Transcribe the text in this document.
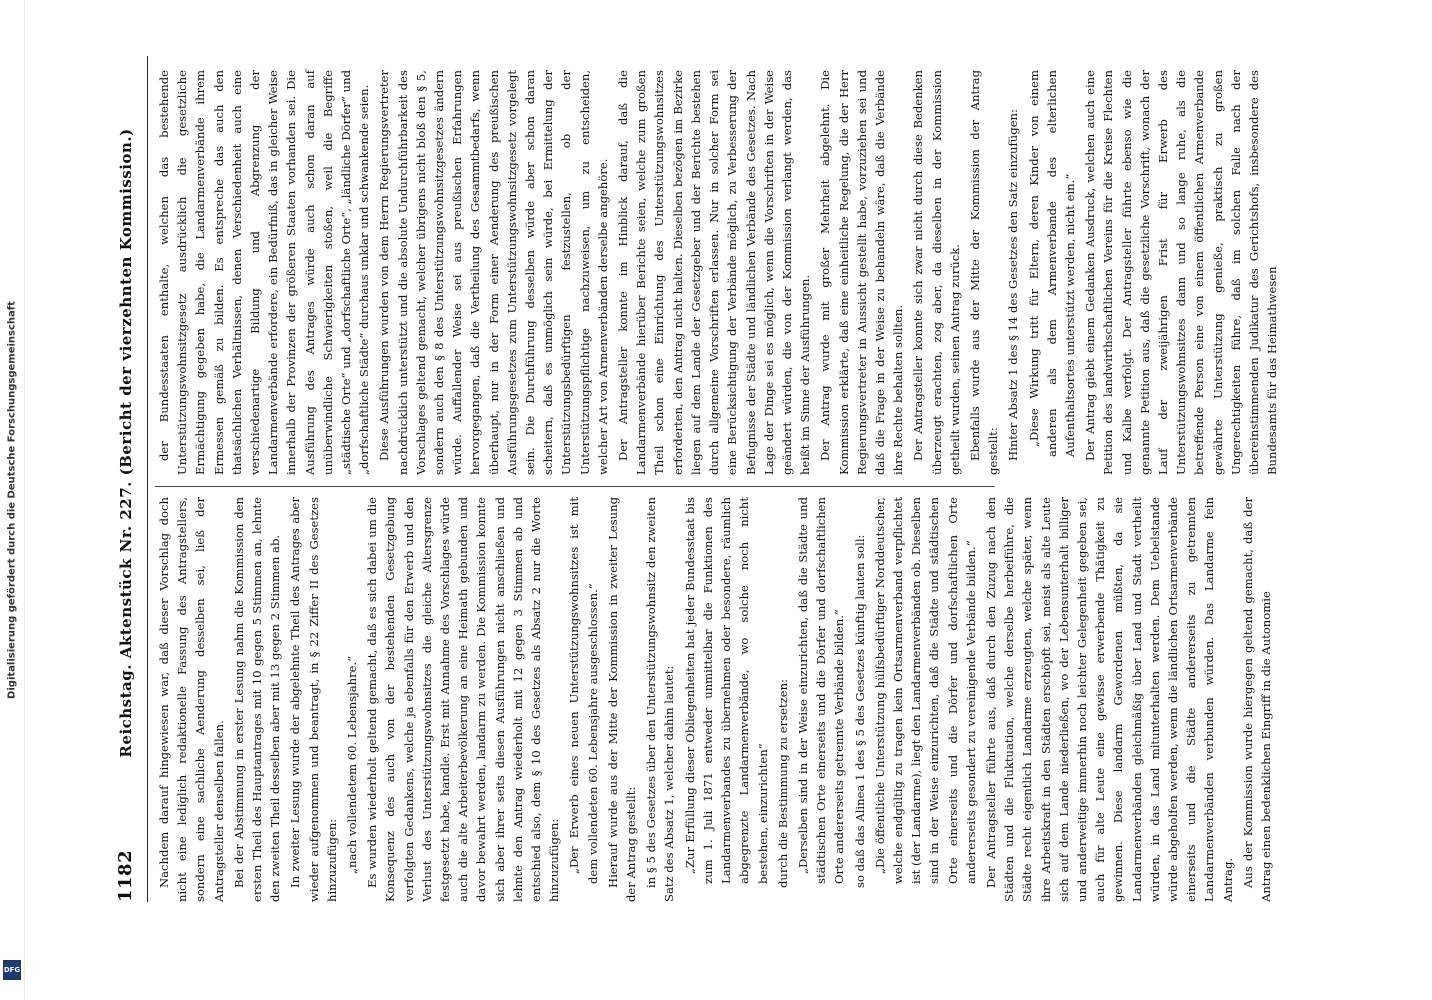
Digitalisierung gefördert durch die Deutsche Forschungsgemeinschaft
DFG
1182
Reichstag. Aktenstück Nr. 227. (Bericht der vierzehnten Kommission.) Nachdem darauf hingewiesen war, daß dieser Vorschlag doch nicht eine lediglich redaktionelle Fassung des Antragstellers, sondern eine sachliche Aenderung desselben sei, ließ der Antragsteller denselben fallen. Bei der Abstimmung in erster Lesung nahm die Kommission den ersten Theil des Hauptantrages mit 10 gegen 5 Stimmen an, lehnte den zweiten Theil desselben aber mit 13 gegen 2 Stimmen ab. In zweiter Lesung wurde der abgelehnte Theil des Antrages aber wieder aufgenommen und beantragt, in § 22 Ziffer II des Gesetzes hinzuzufügen: „nach vollendetem 60. Lebensjahre.“ Es wurden wiederholt geltend gemacht, daß es sich dabei um die Konsequenz des auch von der bestehenden Gesetzgebung verfolgten Gedankens, welche ja ebenfalls für den Erwerb und den Verlust des Unterstützungswohnsitzes die gleiche Altersgrenze festgesetzt habe, handle. Erst mit Annahme des Vorschlages würde auch die alte Arbeiterbevölkerung an eine Heimath gebunden und davor bewahrt werden, landarm zu werden. Die Kommission konnte sich aber ihrer seits diesen Ausführungen nicht anschließen und lehnte den Antrag wiederholt mit 12 gegen 3 Stimmen ab und entschied also, dem § 10 des Gesetzes als Absatz 2 nur die Worte hinzuzufügen: „Der Erwerb eines neuen Unterstützungswohnsitzes ist mit dem vollendeten 60. Lebensjahre ausgeschlossen.“ Hierauf wurde aus der Mitte der Kommission in zweiter Lesung der Antrag gestellt: in § 5 des Gesetzes über den Unterstützungswohnsitz den zweiten Satz des Absatz 1, welcher dahin lautet: „Zur Erfüllung dieser Obliegenheiten hat jeder Bundesstaat bis zum 1. Juli 1871 entweder unmittelbar die Funktionen des Landarmenverbandes zu übernehmen oder besondere, räumlich abgegrenzte Landarmenverbände, wo solche noch nicht bestehen, einzurichten“ durch die Bestimmung zu ersetzen: „Derselben sind in der Weise einzurichten, daß die Städte und städtischen Orte einerseits und die Dörfer und dorfschaftlichen Orte andererseits getrennte Verbände bilden.“ so daß das Alinea 1 des § 5 des Gesetzes künftig lauten soll: „Die öffentliche Unterstützung hülfsbedürftiger Norddeutscher, welche endgültig zu tragen kein Ortsarmenverband verpflichtet ist (der Landarme), liegt den Landarmenverbänden ob. Dieselben sind in der Weise einzurichten, daß die Städte und städtischen Orte einerseits und die Dörfer und dorfschaftlichen Orte andererseits gesondert zu vereinigende Verbände bilden.“ Der Antragsteller führte aus, daß durch den Zuzug nach den Städten und die Fluktuation, welche derselbe herbeiführe, die Städte recht eigentlich Landarme erzeugten, welche später, wenn ihre Arbeitskraft in den Städten erschöpft sei, meist als alte Leute sich auf dem Lande niederließen, wo der Lebensunterhalt billiger und anderweitige immerhin noch leichter Gelegenheit gegeben sei, auch für alte Leute eine gewisse erwerbende Thätigkeit zu gewinnen. Diese landarm Gewordenen müßten, da sie Landarmenverbänden gleichmäßig über Land und Stadt vertheilt würden, in das Land mitunterhalten werden. Dem Uebelstande würde abgeholfen werden, wenn die ländlichen Ortsarmenverbände einerseits und die Städte andererseits zu getrennten Landarmenverbänden verbunden würden. Das Landarme fein Antrag. Aus der Kommission wurde hiergegen geltend gemacht, daß der Antrag einen bedenklichen Eingriff in die Autonomie

der Bundesstaaten enthalte, welchen das bestehende Unterstützungswohnsitzgesetz ausdrücklich die gesetzliche Ermächtigung gegeben habe, die Landarmenverbände ihrem Ermessen gemäß zu bilden. Es entspreche das auch den thatsächlichen Verhältnissen, denen Verschiedenheit auch eine verschiedenartige Bildung und Abgrenzung der Landarmenverbände erfordere, ein Bedürfniß, das in gleicher Weise innerhalb der Provinzen der größeren Staaten vorhanden sei. Die Ausführung des Antrages würde auch schon daran auf unüberwindliche Schwierigkeiten stoßen, weil die Begriffe „städtische Orte“ und „dorfschaftliche Orte“, „ländliche Dörfer“ und „dorfschaftliche Städte“ durchaus unklar und schwankende seien. Diese Ausführungen wurden von dem Herrn Regierungsvertreter nachdrücklich unterstützt und die absolute Undurchführbarkeit des Vorschlages geltend gemacht, welcher übrigens nicht bloß den § 5, sondern auch den § 8 des Unterstützungswohnsitzgesetzes ändern würde. Auffallender Weise sei aus preußischen Erfahrungen hervorgegangen, daß die Vertheilung des Gesammtbedarfs, wenn überhaupt, nur in der Form einer Aenderung des preußischen Ausführungsgesetzes zum Unterstützungswohnsitzgesetz vorgelegt sein. Die Durchführung desselben würde aber schon daran scheitern, daß es unmöglich sein würde, bei Ermittelung der Unterstützungsbedürftigen festzustellen, ob der Unterstützungspflichtige nachzuweisen, um zu entscheiden, welcher Art von Armenverbänden derselbe angehöre. Der Antragsteller konnte im Hinblick darauf, daß die Landarmenverbände hierüber Berichte seien, welche zum großen Theil schon eine Einrichtung des Unterstützungswohnsitzes erforderten, den Antrag nicht halten. Dieselben bezögen im Bezirke liegen auf dem Lande der Gesetzgeber und der Berichte bestehen durch allgemeine Vorschriften erlassen. Nur in solcher Form sei eine Berücksichtigung der Verbände möglich, zu Verbesserung der Befugnisse der Städte und ländlichen Verbände des Gesetzes. Nach Lage der Dinge sei es möglich, wenn die Vorschriften in der Weise geändert würden, die von der Kommission verlangt werden, das heißt im Sinne der Ausführungen. Der Antrag wurde mit großer Mehrheit abgelehnt. Die Kommission erklärte, daß eine einheitliche Regelung, die der Herr Regierungsvertreter in Aussicht gestellt habe, vorzuziehen sei und daß die Frage in der Weise zu behandeln wäre, daß die Verbände ihre Rechte behalten sollten. Der Antragsteller konnte sich zwar nicht durch diese Bedenken überzeugt erachten, zog aber, da dieselben in der Kommission getheilt wurden, seinen Antrag zurück. Ebenfalls wurde aus der Mitte der Kommission der Antrag gestellt: Hinter Absatz 1 des § 14 des Gesetzes den Satz einzufügen: „Diese Wirkung tritt für Eltern, deren Kinder von einem anderen als dem Armenverbande des elterlichen Aufenthaltsortes unterstützt werden, nicht ein.“ Der Antrag giebt einem Gedanken Ausdruck, welchen auch eine Petition des landwirthschaftlichen Vereins für die Kreise Flechten und Kalbe verfolgt. Der Antragsteller führte ebenso wie die genannte Petition aus, daß die gesetzliche Vorschrift, wonach der Lauf der zweijährigen Frist für Erwerb des Unterstützungswohnsitzes dann und so lange ruhe, als die betreffende Person eine von einem öffentlichen Armenverbande gewährte Unterstützung genieße, praktisch zu großen Ungerechtigkeiten führe, daß im solchen Falle nach der übereinstimmenden Judikatur des Gerichtshofs, insbesondere des Bundesamts für das Heimathwesen
